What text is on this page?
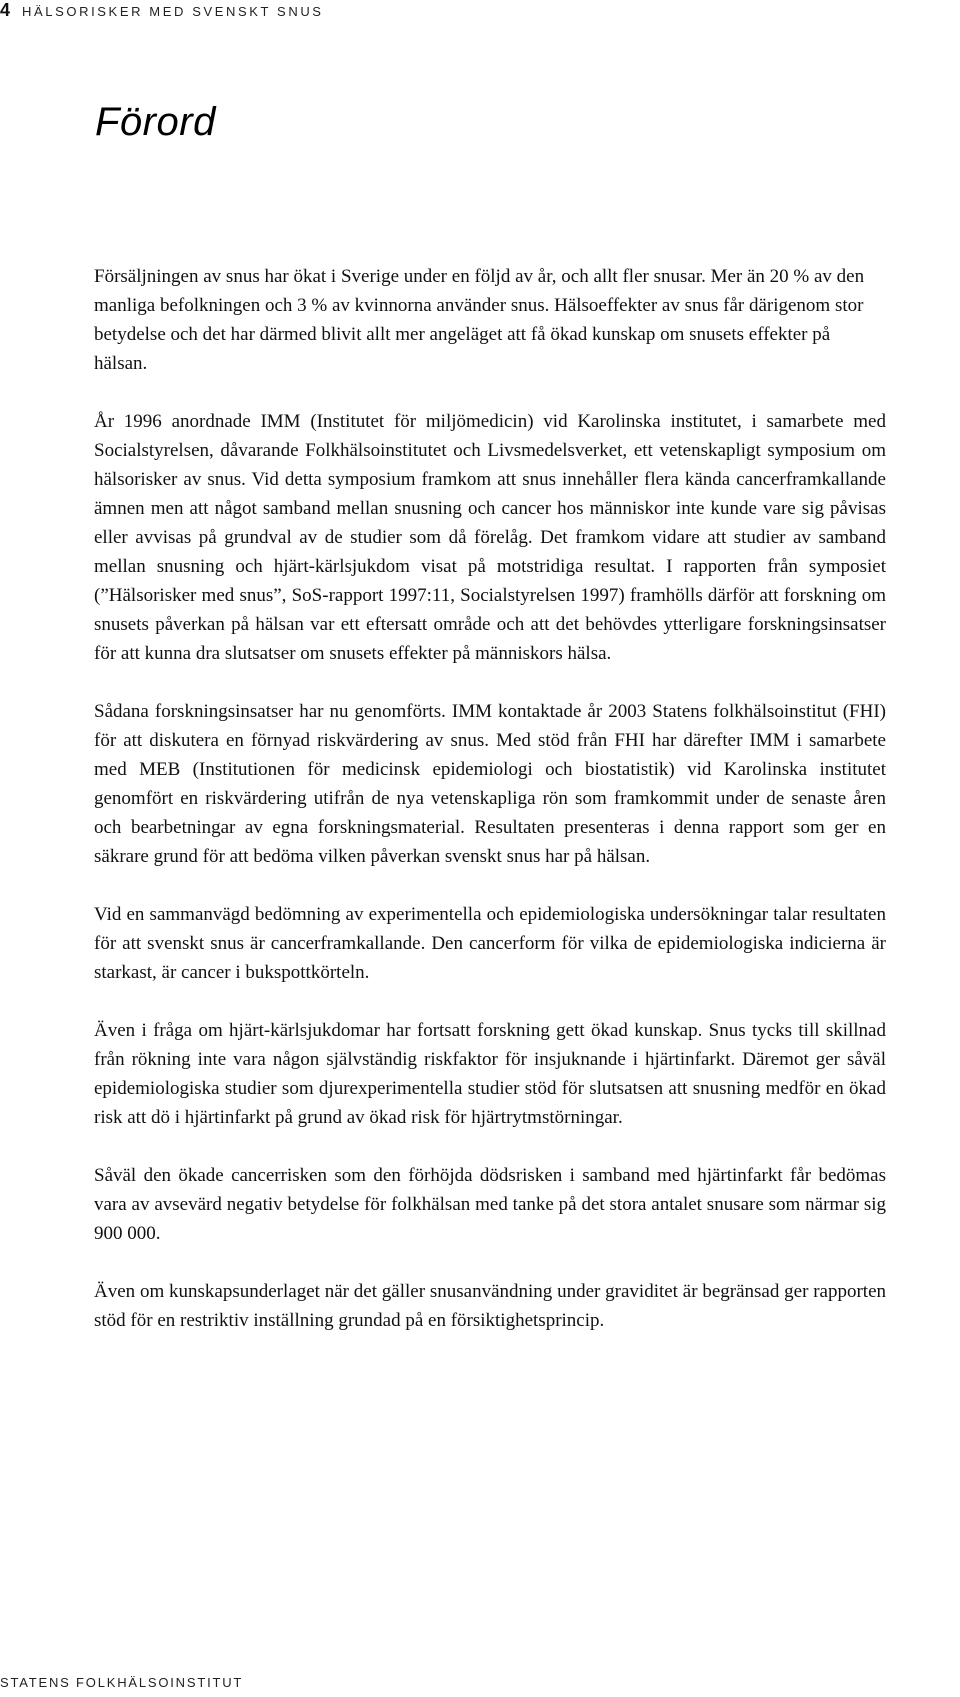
4 HÄLSORISKER MED SVENSKT SNUS
Förord

Försäljningen av snus har ökat i Sverige under en följd av år, och allt fler snusar. Mer än 20 % av den manliga befolkningen och 3 % av kvinnorna använder snus. Hälsoeffekter av snus får därigenom stor betydelse och det har därmed blivit allt mer angeläget att få ökad kunskap om snusets effekter på hälsan.

År 1996 anordnade IMM (Institutet för miljömedicin) vid Karolinska institutet, i samarbete med Socialstyrelsen, dåvarande Folkhälsoinstitutet och Livsmedelsverket, ett vetenskapligt symposium om hälsorisker av snus. Vid detta symposium framkom att snus innehåller flera kända cancerframkallande ämnen men att något samband mellan snusning och cancer hos människor inte kunde vare sig påvisas eller avvisas på grundval av de studier som då förelåg. Det framkom vidare att studier av samband mellan snusning och hjärt-kärlsjukdom visat på motstridiga resultat. I rapporten från symposiet (”Hälsorisker med snus”, SoS-rapport 1997:11, Socialstyrelsen 1997) framhölls därför att forskning om snusets påverkan på hälsan var ett eftersatt område och att det behövdes ytterligare forskningsinsatser för att kunna dra slutsatser om snusets effekter på människors hälsa.

Sådana forskningsinsatser har nu genomförts. IMM kontaktade år 2003 Statens folkhälsoinstitut (FHI) för att diskutera en förnyad riskvärdering av snus. Med stöd från FHI har därefter IMM i samarbete med MEB (Institutionen för medicinsk epidemiologi och biostatistik) vid Karolinska institutet genomfört en riskvärdering utifrån de nya vetenskapliga rön som framkommit under de senaste åren och bearbetningar av egna forskningsmaterial. Resultaten presenteras i denna rapport som ger en säkrare grund för att bedöma vilken påverkan svenskt snus har på hälsan.

Vid en sammanvägd bedömning av experimentella och epidemiologiska undersökningar talar resultaten för att svenskt snus är cancerframkallande. Den cancerform för vilka de epidemiologiska indicierna är starkast, är cancer i bukspottkörteln.

Även i fråga om hjärt-kärlsjukdomar har fortsatt forskning gett ökad kunskap. Snus tycks till skillnad från rökning inte vara någon självständig riskfaktor för insjuknande i hjärtinfarkt. Däremot ger såväl epidemiologiska studier som djurexperimentella studier stöd för slutsatsen att snusning medför en ökad risk att dö i hjärtinfarkt på grund av ökad risk för hjärtrytmstörningar.

Såväl den ökade cancerrisken som den förhöjda dödsrisken i samband med hjärtinfarkt får bedömas vara av avsevärd negativ betydelse för folkhälsan med tanke på det stora antalet snusare som närmar sig 900 000.

Även om kunskapsunderlaget när det gäller snusanvändning under graviditet är begränsad ger rapporten stöd för en restriktiv inställning grundad på en försiktighetsprincip.

STATENS FOLKHÄLSOINSTITUT
